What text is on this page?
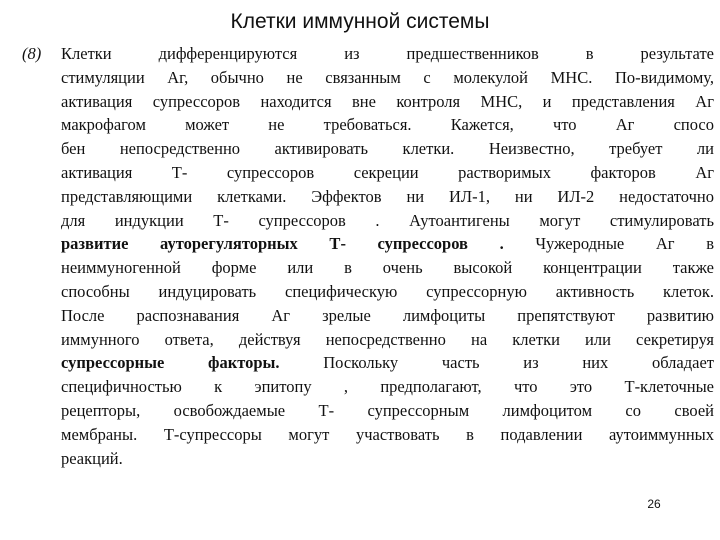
Клетки иммунной системы
(8) Клетки дифференцируются из предшественников в результате
стимуляции Аг, обычно не связанным с молекулой МНС. По-видимому,
активация супрессоров находится вне контроля МНС, и представления Аг
макрофагом может не требоваться. Кажется, что Аг спосо
бен непосредственно активировать клетки. Неизвестно, требует ли
активация Т- супрессоров секреции растворимых факторов Аг
представляющими клетками. Эффектов ни ИЛ-1, ни ИЛ-2 недостаточно
для индукции Т- супрессоров . Аутоантигены могут стимулировать
развитие ауторегуляторных Т- супрессоров . Чужеродные Аг в
неиммуногенной форме или в очень высокой концентрации также
способны индуцировать специфическую супрессорную активность клеток.
После распознавания Аг зрелые лимфоциты препятствуют развитию
иммунного ответа, действуя непосредственно на клетки или секретируя
супрессорные факторы. Поскольку часть из них обладает
специфичностью к эпитопу , предполагают, что это Т-клеточные
рецепторы, освобождаемые Т- супрессорным лимфоцитом со своей
мембраны. Т-супрессоры могут участвовать в подавлении аутоиммунных
реакций.
26
